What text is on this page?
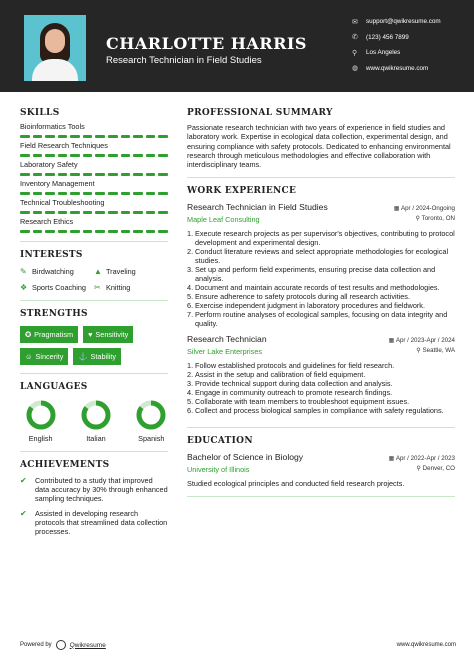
CHARLOTTE HARRIS
Research Technician in Field Studies
✉	support@qwikresume.com
✆	(123) 456 7899
⚲	Los Angeles
◍	www.qwikresume.com
SKILLS
Bioinformatics Tools
Field Research Techniques
Laboratory Safety
Inventory Management
Technical Troubleshooting
Research Ethics
INTERESTS
✎ Birdwatching	▲ Traveling
❖ Sports Coaching ✂ Knitting
STRENGTHS
✪ Pragmatism ♥ Sensitivity
☺ Sincerity ⚓ Stability
LANGUAGES
English	Italian	Spanish
ACHIEVEMENTS
✔	Contributed to a study that improved data accuracy by 30% through enhanced sampling techniques.
✔	Assisted in developing research protocols that streamlined data collection processes.
PROFESSIONAL SUMMARY
Passionate research technician with two years of experience in field studies and laboratory work. Expertise in ecological data collection, experimental design, and ensuring compliance with safety protocols. Dedicated to enhancing environmental research through meticulous methodologies and effective collaboration with interdisciplinary teams.
WORK EXPERIENCE
Research Technician in Field Studies	▦ Apr / 2024-Ongoing
Maple Leaf Consulting	⚲ Toronto, ON
Execute research projects as per supervisor's objectives, contributing to protocol development and experimental design.
Conduct literature reviews and select appropriate methodologies for ecological studies.
Set up and perform field experiments, ensuring precise data collection and analysis.
Document and maintain accurate records of test results and methodologies.
Ensure adherence to safety protocols during all research activities.
Exercise independent judgment in laboratory procedures and fieldwork.
Perform routine analyses of ecological samples, focusing on data integrity and quality.
Research Technician	▦ Apr / 2023-Apr / 2024
Silver Lake Enterprises	⚲ Seattle, WA
Follow established protocols and guidelines for field research.
Assist in the setup and calibration of field equipment.
Provide technical support during data collection and analysis.
Engage in community outreach to promote research findings.
Collaborate with team members to troubleshoot equipment issues.
Collect and process biological samples in compliance with safety regulations.
EDUCATION
Bachelor of Science in Biology	▦ Apr / 2022-Apr / 2023
University of Illinois	⚲ Denver, CO
Studied ecological principles and conducted field research projects.
Powered by	Qwikresume	www.qwikresume.com
